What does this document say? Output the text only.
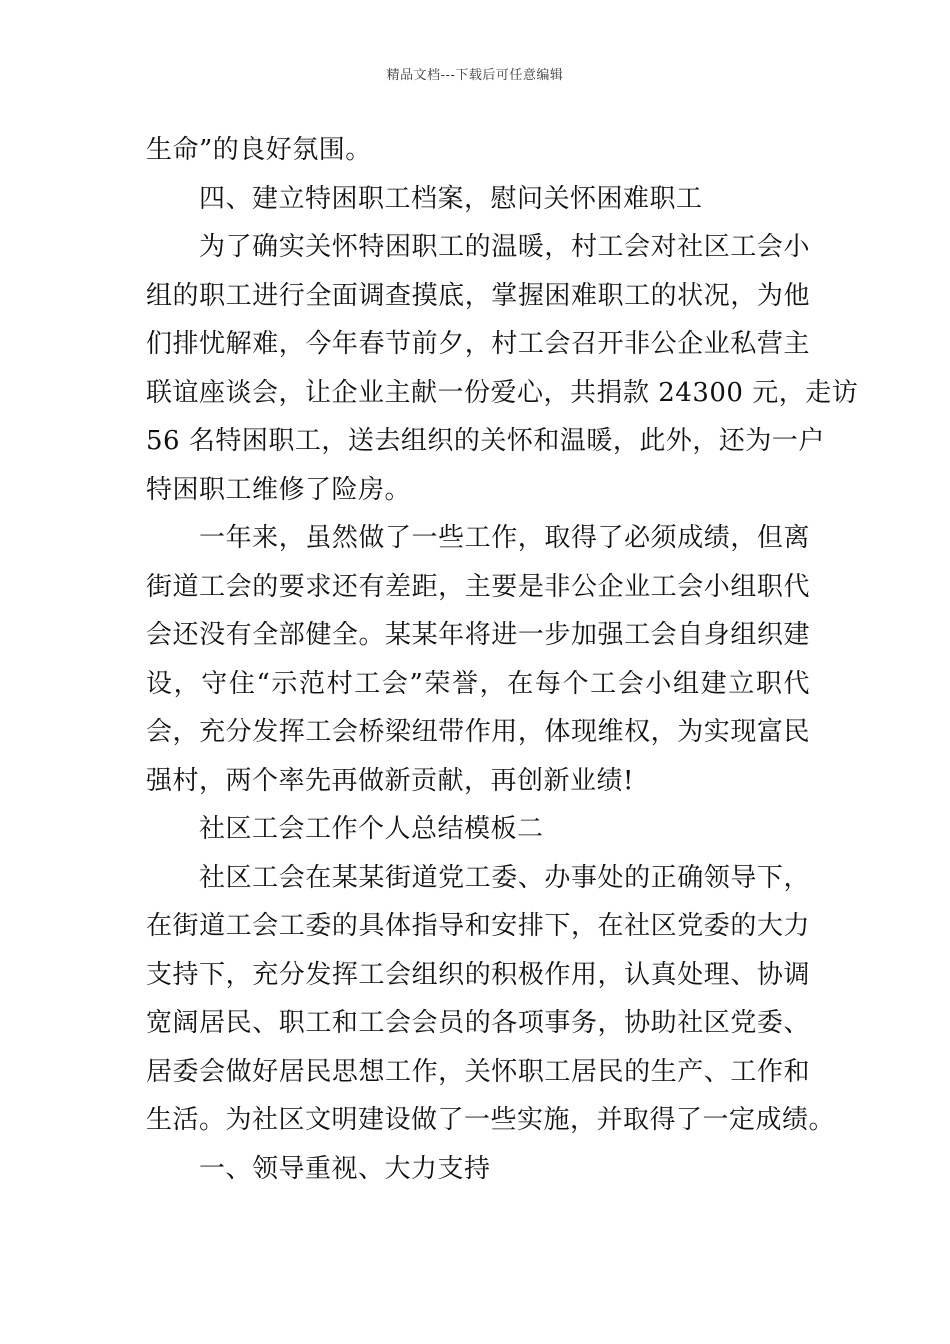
精品文档---下载后可任意编辑
生命”的良好氛围。
四、建立特困职工档案，慰问关怀困难职工
为了确实关怀特困职工的温暖，村工会对社区工会小
组的职工进行全面调查摸底，掌握困难职工的状况，为他
们排忧解难，今年春节前夕，村工会召开非公企业私营主
联谊座谈会，让企业主献一份爱心，共捐款 24300 元，走访
56 名特困职工，送去组织的关怀和温暖，此外，还为一户
特困职工维修了险房。
一年来，虽然做了一些工作，取得了必须成绩，但离
街道工会的要求还有差距，主要是非公企业工会小组职代
会还没有全部健全。某某年将进一步加强工会自身组织建
设，守住“示范村工会”荣誉，在每个工会小组建立职代
会，充分发挥工会桥梁纽带作用，体现维权，为实现富民
强村，两个率先再做新贡献，再创新业绩!
社区工会工作个人总结模板二
社区工会在某某街道党工委、办事处的正确领导下，
在街道工会工委的具体指导和安排下，在社区党委的大力
支持下，充分发挥工会组织的积极作用，认真处理、协调
宽阔居民、职工和工会会员的各项事务，协助社区党委、
居委会做好居民思想工作，关怀职工居民的生产、工作和
生活。为社区文明建设做了一些实施，并取得了一定成绩。
一、领导重视、大力支持
